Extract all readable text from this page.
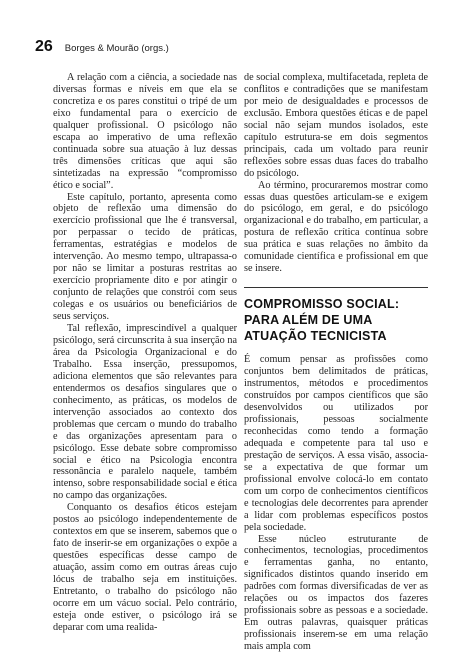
26 Borges & Mourão (orgs.)

A relação com a ciência, a sociedade nas diversas formas e níveis em que ela se concretiza e os pares constitui o tripé de um eixo fundamental para o exercício de qualquer profissional. O psicólogo não escapa ao imperativo de uma reflexão continuada sobre sua atuação à luz dessas três dimensões críticas que aqui são sintetizadas na expressão “compromisso ético e social”.

Este capítulo, portanto, apresenta como objeto de reflexão uma dimensão do exercício profissional que lhe é transversal, por perpassar o tecido de práticas, ferramentas, estratégias e modelos de intervenção. Ao mesmo tempo, ultrapassa-o por não se limitar a posturas restritas ao exercício propriamente dito e por atingir o conjunto de relações que constrói com seus colegas e os usuários ou beneficiários de seus serviços.

Tal reflexão, imprescindível a qualquer psicólogo, será circunscrita à sua inserção na área da Psicologia Organizacional e do Trabalho. Essa inserção, pressupomos, adiciona elementos que são relevantes para entendermos os desafios singulares que o conhecimento, as práticas, os modelos de intervenção associados ao contexto dos problemas que cercam o mundo do trabalho e das organizações apresentam para o psicólogo. Esse debate sobre compromisso social e ético na Psicologia encontra ressonância e paralelo naquele, também intenso, sobre responsabilidade social e ética no campo das organizações.

Conquanto os desafios éticos estejam postos ao psicólogo independentemente de contextos em que se inserem, sabemos que o fato de inserir-se em organizações o expõe a questões específicas desse campo de atuação, assim como em outras áreas cujo lócus de trabalho seja em instituições. Entretanto, o trabalho do psicólogo não ocorre em um vácuo social. Pelo contrário, esteja onde estiver, o psicólogo irá se deparar com uma realida-

de social complexa, multifacetada, repleta de conflitos e contradições que se manifestam por meio de desigualdades e processos de exclusão. Embora questões éticas e de papel social não sejam mundos isolados, este capítulo estrutura-se em dois segmentos principais, cada um voltado para reunir reflexões sobre essas duas faces do trabalho do psicólogo.

Ao término, procuraremos mostrar como essas duas questões articulam-se e exigem do psicólogo, em geral, e do psicólogo organizacional e do trabalho, em particular, a postura de reflexão crítica contínua sobre sua prática e suas relações no âmbito da comunidade científica e profissional em que se insere.

COMPROMISSO SOCIAL: PARA ALÉM DE UMA ATUAÇÃO TECNICISTA

É comum pensar as profissões como conjuntos bem delimitados de práticas, instrumentos, métodos e procedimentos construídos por campos científicos que são desenvolvidos ou utilizados por profissionais, pessoas socialmente reconhecidas como tendo a formação adequada e competente para tal uso e prestação de serviços. A essa visão, associa-se a expectativa de que formar um profissional envolve colocá-lo em contato com um corpo de conhecimentos científicos e tecnologias dele decorrentes para aprender a lidar com problemas específicos postos pela sociedade.

Esse núcleo estruturante de conhecimentos, tecnologias, procedimentos e ferramentas ganha, no entanto, significados distintos quando inserido em padrões com formas diversificadas de ver as relações ou os impactos dos fazeres profissionais sobre as pessoas e a sociedade. Em outras palavras, quaisquer práticas profissionais inserem-se em uma relação mais ampla com
